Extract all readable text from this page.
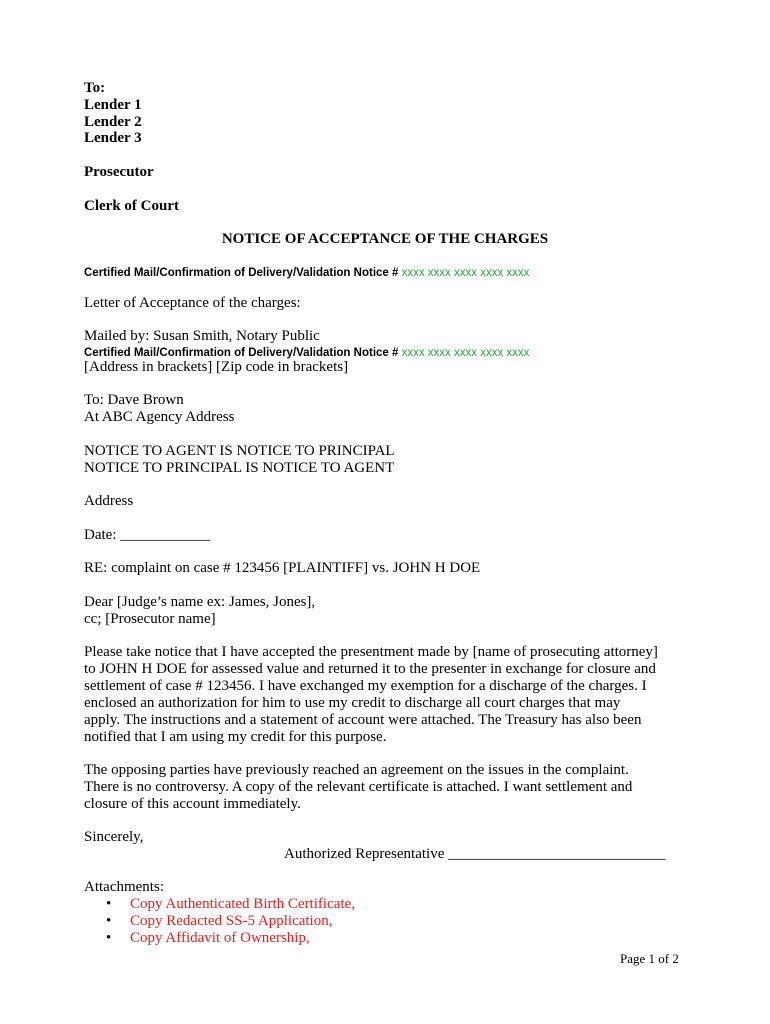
To:
Lender 1
Lender 2
Lender 3
Prosecutor
Clerk of Court
NOTICE OF ACCEPTANCE OF THE CHARGES
Certified Mail/Confirmation of Delivery/Validation Notice # xxxx xxxx xxxx xxxx xxxx
Letter of Acceptance of the charges:
Mailed by: Susan Smith, Notary Public
Certified Mail/Confirmation of Delivery/Validation Notice # xxxx xxxx xxxx xxxx xxxx
[Address in brackets] [Zip code in brackets]
To: Dave Brown
At ABC Agency Address
NOTICE TO AGENT IS NOTICE TO PRINCIPAL
NOTICE TO PRINCIPAL IS NOTICE TO AGENT
Address
Date: ____________
RE: complaint on case # 123456 [PLAINTIFF] vs. JOHN H DOE
Dear [Judge’s name ex: James, Jones],
cc; [Prosecutor name]
Please take notice that I have accepted the presentment made by [name of prosecuting attorney]
to JOHN H DOE for assessed value and returned it to the presenter in exchange for closure and
settlement of case # 123456. I have exchanged my exemption for a discharge of the charges. I
enclosed an authorization for him to use my credit to discharge all court charges that may
apply. The instructions and a statement of account were attached. The Treasury has also been
notified that I am using my credit for this purpose.
The opposing parties have previously reached an agreement on the issues in the complaint.
There is no controversy. A copy of the relevant certificate is attached. I want settlement and
closure of this account immediately.
Sincerely,
Authorized Representative _____________________________
Attachments:
• Copy Authenticated Birth Certificate,
• Copy Redacted SS-5 Application,
• Copy Affidavit of Ownership,
Page 1 of 2
